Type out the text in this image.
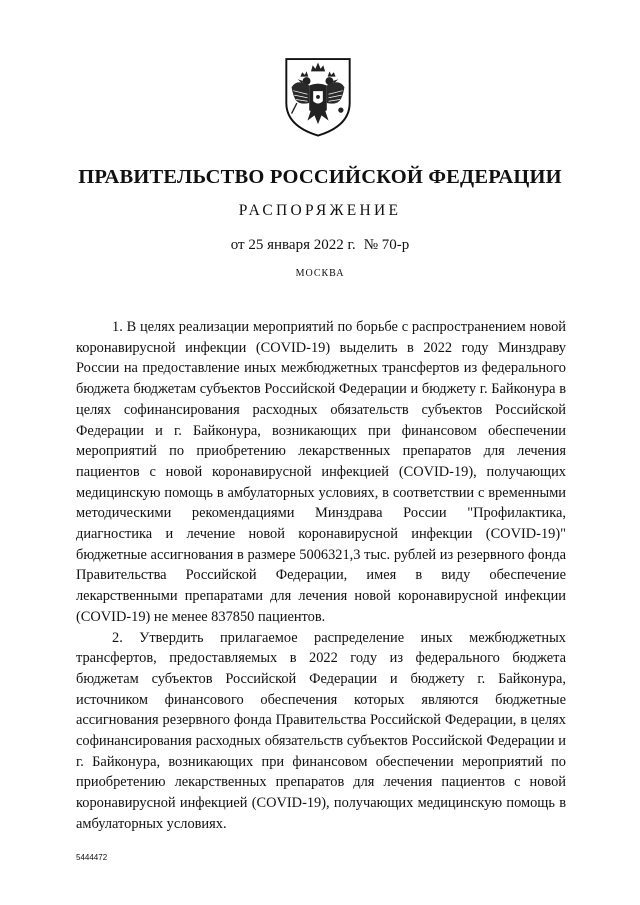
ПРАВИТЕЛЬСТВО РОССИЙСКОЙ ФЕДЕРАЦИИ
РАСПОРЯЖЕНИЕ
от 25 января 2022 г. № 70-р
МОСКВА

1. В целях реализации мероприятий по борьбе с распространением новой коронавирусной инфекции (COVID-19) выделить в 2022 году Минздраву России на предоставление иных межбюджетных трансфертов из федерального бюджета бюджетам субъектов Российской Федерации и бюджету г. Байконура в целях софинансирования расходных обязательств субъектов Российской Федерации и г. Байконура, возникающих при финансовом обеспечении мероприятий по приобретению лекарственных препаратов для лечения пациентов с новой коронавирусной инфекцией (COVID-19), получающих медицинскую помощь в амбулаторных условиях, в соответствии с временными методическими рекомендациями Минздрава России "Профилактика, диагностика и лечение новой коронавирусной инфекции (COVID-19)" бюджетные ассигнования в размере 5006321,3 тыс. рублей из резервного фонда Правительства Российской Федерации, имея в виду обеспечение лекарственными препаратами для лечения новой коронавирусной инфекции (COVID-19) не менее 837850 пациентов.

2. Утвердить прилагаемое распределение иных межбюджетных трансфертов, предоставляемых в 2022 году из федерального бюджета бюджетам субъектов Российской Федерации и бюджету г. Байконура, источником финансового обеспечения которых являются бюджетные ассигнования резервного фонда Правительства Российской Федерации, в целях софинансирования расходных обязательств субъектов Российской Федерации и г. Байконура, возникающих при финансовом обеспечении мероприятий по приобретению лекарственных препаратов для лечения пациентов с новой коронавирусной инфекцией (COVID-19), получающих медицинскую помощь в амбулаторных условиях.

5444472
